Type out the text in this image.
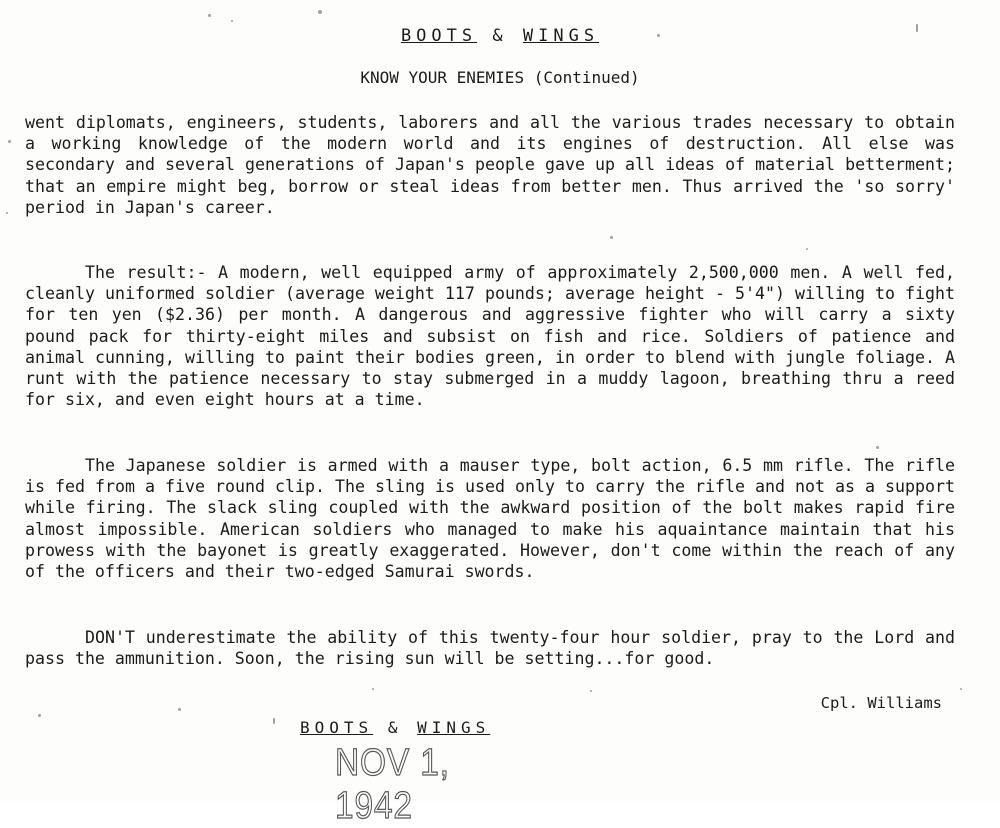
BOOTS & WINGS
KNOW YOUR ENEMIES (Continued)

went diplomats, engineers, students, laborers and all the various trades necessary to obtain a working knowledge of the modern world and its engines of destruction. All else was secondary and several generations of Japan's people gave up all ideas of material betterment; that an empire might beg, borrow or steal ideas from better men. Thus arrived the 'so sorry' period in Japan's career.

The result:- A modern, well equipped army of approximately 2,500,000 men. A well fed, cleanly uniformed soldier (average weight 117 pounds; average height - 5'4") willing to fight for ten yen ($2.36) per month. A dangerous and aggressive fighter who will carry a sixty pound pack for thirty-eight miles and subsist on fish and rice. Soldiers of patience and animal cunning, willing to paint their bodies green, in order to blend with jungle foliage. A runt with the patience necessary to stay submerged in a muddy lagoon, breathing thru a reed for six, and even eight hours at a time.

The Japanese soldier is armed with a mauser type, bolt action, 6.5 mm rifle. The rifle is fed from a five round clip. The sling is used only to carry the rifle and not as a support while firing. The slack sling coupled with the awkward position of the bolt makes rapid fire almost impossible. American soldiers who managed to make his aquaintance maintain that his prowess with the bayonet is greatly exaggerated. However, don't come within the reach of any of the officers and their two-edged Samurai swords.

DON'T underestimate the ability of this twenty-four hour soldier, pray to the Lord and pass the ammunition. Soon, the rising sun will be setting...for good.

Cpl. Williams
BOOTS & WINGS
NOV 1, 1942
